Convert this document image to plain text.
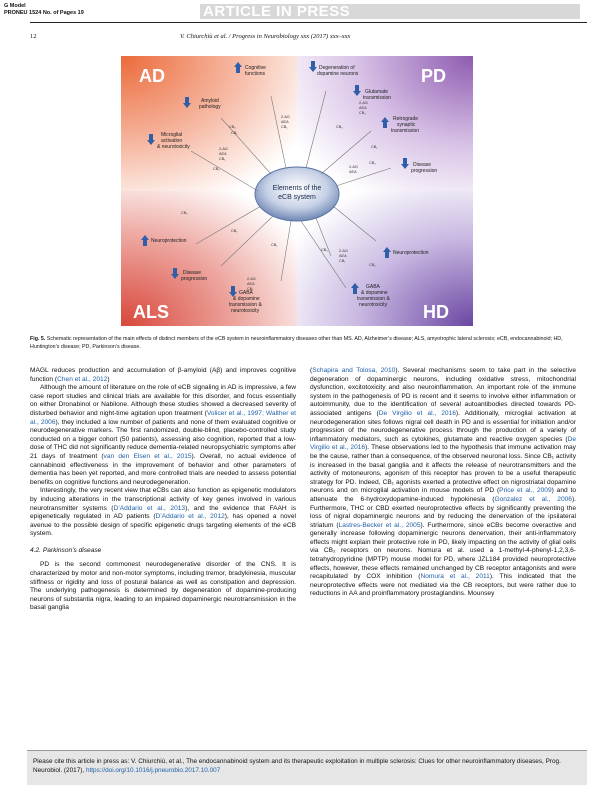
G Model
PRONEU 1524 No. of Pages 19	ARTICLE IN PRESS
12	V. Chiurchiù et al. / Progress in Neurobiology xxx (2017) xxx–xxx
AD	PD
ALS	HD
Elements of the
eCB system
Cognitive
functions
Amyloid
pathology
Microglial
activation
& neurotoxicity
Degeneration of
dopamine neurons
Glutamate
transmission
Retrograde
synaptic
transmission
Disease
progression
Neuroprotection
Disease
progression
GABA
& dopamine
transmission &
neurotoxicity
Neuroprotection
GABA
& dopamine
transmission &
neurotoxicity
2-AG
AEA
CB₁
CB₂
CB₁
2-AG
AEA
CB₁
CB₂
2-AG
AEA
CB₂
CB₂
CB₁
CB₂
CB₂
CB₁
2-AG
AEA
CB₁
CB₁
CB₂	2-AG
AEA
CB₁
CB₂
2-AG
AEA
Fig. 5. Schematic representation of the main effects of distinct members of the eCB system in neuroinflammatory diseases other than MS. AD, Alzheimer’s disease; ALS, amyotrophic lateral sclerosis; eCB, endocannabinoid; HD, Huntington’s disease; PD, Parkinson’s disease.

MAGL reduces production and accumulation of β-amyloid (Aβ) and improves cognitive function (Chen et al., 2012)

Although the amount of literature on the role of eCB signaling in AD is impressive, a few case report studies and clinical trials are available for this disorder, and focus essentially on either Dronabinol or Nabilone. Although these studies showed a decreased severity of disturbed behavior and night-time agitation upon treatment (Volicer et al., 1997; Walther et al., 2006), they included a low number of patients and none of them evaluated cognitive or neurodegenerative markers. The first randomized, double-blind, placebo-controlled study conducted on a bigger cohort (50 patients), assessing also cognition, reported that a low-dose of THC did not significantly reduce dementia-related neuropsychiatric symptoms after 21 days of treatment (van den Elsen et al., 2015). Overall, no actual evidence of cannabinoid effectiveness in the improvement of behavior and other parameters of dementia has been yet reported, and more controlled trials are needed to assess potential benefits on cognitive functions and neurodegeneration.

Interestingly, the very recent view that eCBs can also function as epigenetic modulators by inducing alterations in the transcriptional activity of key genes involved in various neurotransmitter systems (D’Addario et al., 2013), and the evidence that FAAH is epigenetically regulated in AD patients (D’Addario et al., 2012), has opened a novel avenue to the possible design of specific epigenetic drugs targeting elements of the eCB system.

4.2. Parkinson’s disease

PD is the second commonest neurodegenerative disorder of the CNS. It is characterized by motor and non-motor symptoms, including tremor, bradykinesia, muscular stiffness or rigidity and loss of postural balance as well as constipation and depression. The underlying pathogenesis is determined by degeneration of dopamine-producing neurons of substantia nigra, leading to an impaired dopaminergic neurotransmission in the basal ganglia

(Schapira and Tolosa, 2010). Several mechanisms seem to take part in the selective degeneration of dopaminergic neurons, including oxidative stress, mitochondrial dysfunction, excitotoxicity and also neuroinflammation. An important role of the immune system in the pathogenesis of PD is recent and it seems to involve either inflammation or autoimmunity, due to the identification of several autoantibodies directed towards PD-associated antigens (De Virgilio et al., 2016). Additionally, microglial activation at neurodegeneration sites follows nigral cell death in PD and is essential for initiation and/or progression of the neurodegenerative process through the production of a variety of inflammatory mediators, such as cytokines, glutamate and reactive oxygen species (De Virgilio et al., 2016). These observations led to the hypothesis that immune activation may be the cause, rather than a consequence, of the observed neuronal loss. Since CB₁ activity is increased in the basal ganglia and it affects the release of neurotransmitters and the activity of motoneurons, agonism of this receptor has proven to be a useful therapeutic strategy for PD. Indeed, CB₁ agonists exerted a protective effect on nigrostriatal dopamine neurons and on microglial activation in mouse models of PD (Price et al., 2009) and to attenuate the 6-hydroxydopamine-induced hypokinesia (Gonzalez et al., 2006). Furthermore, THC or CBD exerted neuroprotective effects by significantly preventing the loss of nigral dopaminergic neurons and by reducing the denervation of the ipsilateral striatum (Lastres-Becker et al., 2005). Furthermore, since eCBs become overactive and generally increase following dopaminergic neurons denervation, their anti-inflammatory effects might explain their protective role in PD, likely impacting on the activity of glial cells via CB₂ receptors on neurons. Nomura et al. used a 1-methyl-4-phenyl-1,2,3,6-tetrahydropyridine (MPTP) mouse model for PD, where JZL184 provided neuroprotective effects, however, these effects remained unchanged by CB receptor antagonists and were recapitulated by COX inhibition (Nomura et al., 2011). This indicated that the neuroprotective effects were not mediated via the CB receptors, but were rather due to reductions in AA and proinflammatory prostaglandins. Mounsey

Please cite this article in press as: V. Chiurchiù, et al., The endocannabinoid system and its therapeutic exploitation in multiple sclerosis: Clues for other neuroinflammatory diseases, Prog. Neurobiol. (2017), https://doi.org/10.1016/j.pneurobio.2017.10.007
